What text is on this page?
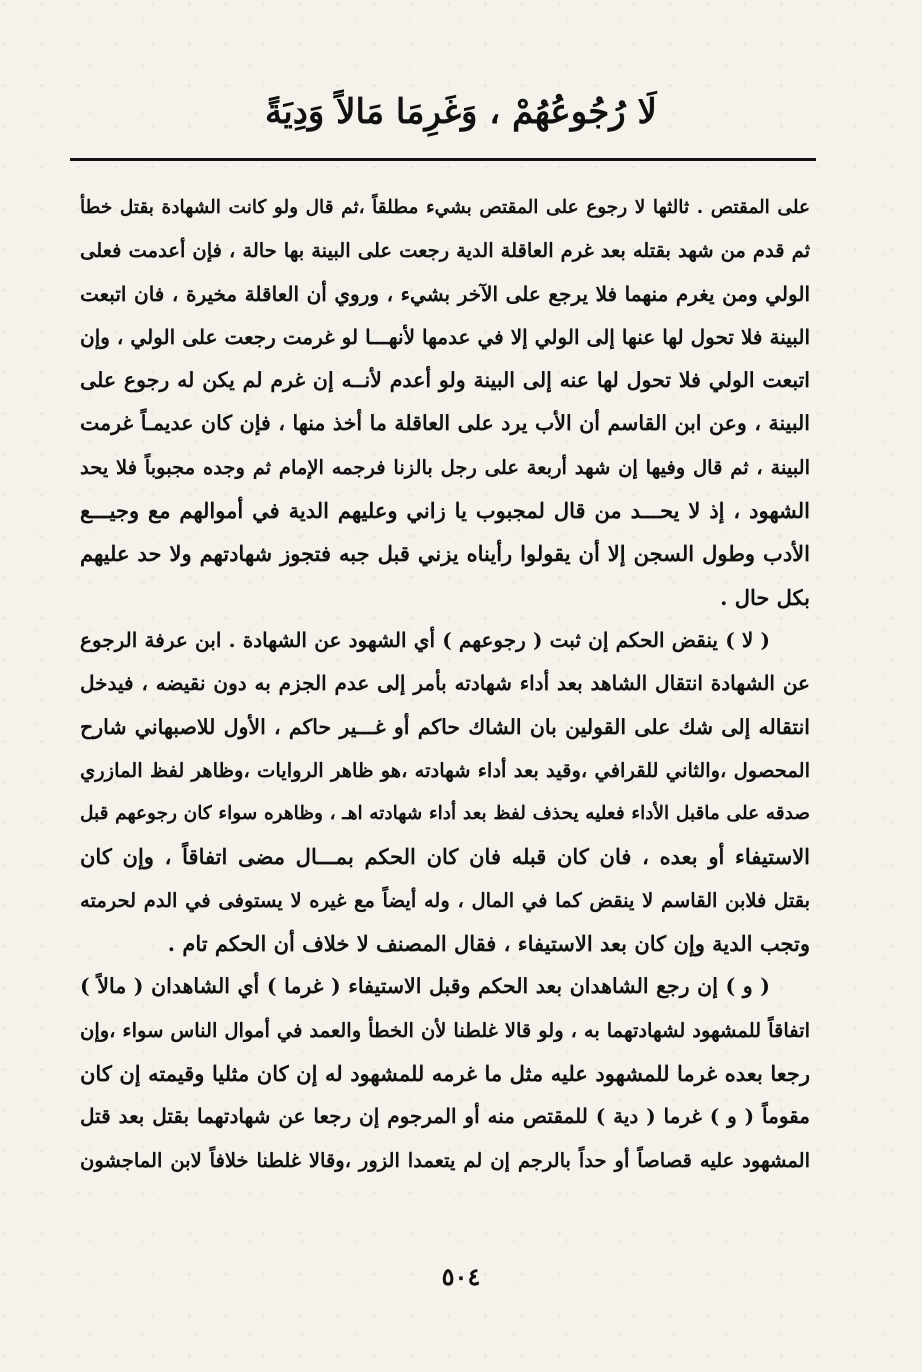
لَا رُجُوعُهُمْ ، وَغَرِمَا مَالاً وَدِيَةً
على المقتص . ثالثها لا رجوع على المقتص بشيء مطلقاً ،ثم قال ولو كانت الشهادة بقتل خطأ
ثم قدم من شهد بقتله بعد غرم العاقلة الدية رجعت على البينة بها حالة ، فإن أعدمت فعلى
الولي ومن يغرم منهما فلا يرجع على الآخر بشيء ، وروي أن العاقلة مخيرة ، فان اتبعت
البينة فلا تحول لها عنها إلى الولي إلا في عدمها لأنهـــا لو غرمت رجعت على الولي ، وإن
اتبعت الولي فلا تحول لها عنه إلى البينة ولو أعدم لأنــه إن غرم لم يكن له رجوع على
البينة ، وعن ابن القاسم أن الأب يرد على العاقلة ما أخذ منها ، فإن كان عديمـاً غرمت
البينة ، ثم قال وفيها إن شهد أربعة على رجل بالزنا فرجمه الإمام ثم وجده مجبوباً فلا يحد
الشهود ، إذ لا يحـــد من قال لمجبوب يا زاني وعليهم الدية في أموالهم مع وجيـــع
الأدب وطول السجن إلا أن يقولوا رأيناه يزني قبل جبه فتجوز شهادتهم ولا حد عليهم
بكل حال .
( لا ) ينقض الحكم إن ثبت ( رجوعهم ) أي الشهود عن الشهادة . ابن عرفة الرجوع
عن الشهادة انتقال الشاهد بعد أداء شهادته بأمر إلى عدم الجزم به دون نقيضه ، فيدخل
انتقاله إلى شك على القولين بان الشاك حاكم أو غـــير حاكم ، الأول للاصبهاني شارح
المحصول ،والثاني للقرافي ،وقيد بعد أداء شهادته ،هو ظاهر الروايات ،وظاهر لفظ المازري
صدقه على ماقبل الأداء فعليه يحذف لفظ بعد أداء شهادته اهـ ، وظاهره سواء كان رجوعهم قبل
الاستيفاء أو بعده ، فان كان قبله فان كان الحكم بمـــال مضى اتفاقاً ، وإن كان
بقتل فلابن القاسم لا ينقض كما في المال ، وله أيضاً مع غيره لا يستوفى في الدم لحرمته
وتجب الدية وإن كان بعد الاستيفاء ، فقال المصنف لا خلاف أن الحكم تام .
( و ) إن رجع الشاهدان بعد الحكم وقبل الاستيفاء ( غرما ) أي الشاهدان ( مالاً )
اتفاقاً للمشهود لشهادتهما به ، ولو قالا غلطنا لأن الخطأ والعمد في أموال الناس سواء ،وإن
رجعا بعده غرما للمشهود عليه مثل ما غرمه للمشهود له إن كان مثليا وقيمته إن كان
مقوماً ( و ) غرما ( دية ) للمقتص منه أو المرجوم إن رجعا عن شهادتهما بقتل بعد قتل
المشهود عليه قصاصاً أو حداً بالرجم إن لم يتعمدا الزور ،وقالا غلطنا خلافاً لابن الماجشون
٥٠٤
